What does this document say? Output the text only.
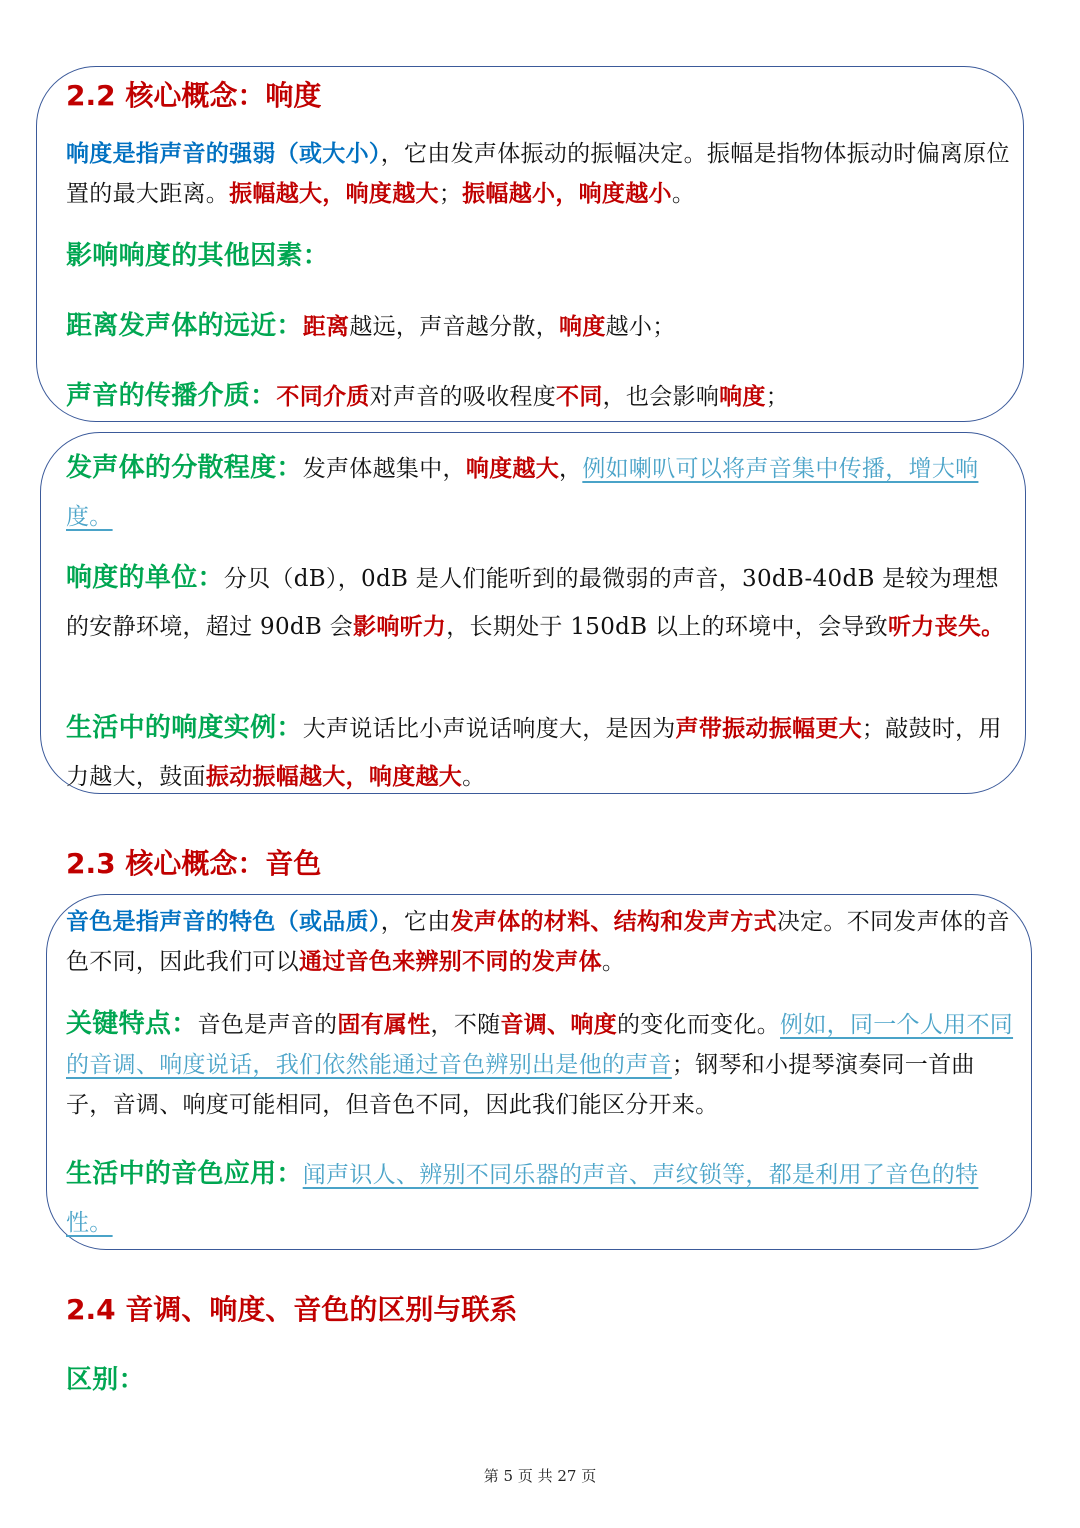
2.2 核心概念：响度

响度是指声音的强弱（或大小），它由发声体振动的振幅决定。振幅是指物体振动时偏离原位置的最大距离。振幅越大，响度越大；振幅越小，响度越小。

影响响度的其他因素：

距离发声体的远近：距离越远，声音越分散，响度越小；

声音的传播介质：不同介质对声音的吸收程度不同，也会影响响度；

发声体的分散程度：发声体越集中，响度越大，例如喇叭可以将声音集中传播，增大响度。

响度的单位：分贝（dB），0dB 是人们能听到的最微弱的声音，30dB-40dB 是较为理想的安静环境，超过 90dB 会影响听力，长期处于 150dB 以上的环境中，会导致听力丧失。

生活中的响度实例：大声说话比小声说话响度大，是因为声带振动振幅更大；敲鼓时，用力越大，鼓面振动振幅越大，响度越大。

2.3 核心概念：音色

音色是指声音的特色（或品质），它由发声体的材料、结构和发声方式决定。不同发声体的音色不同，因此我们可以通过音色来辨别不同的发声体。

关键特点：音色是声音的固有属性，不随音调、响度的变化而变化。例如，同一个人用不同的音调、响度说话，我们依然能通过音色辨别出是他的声音；钢琴和小提琴演奏同一首曲子，音调、响度可能相同，但音色不同，因此我们能区分开来。

生活中的音色应用：闻声识人、辨别不同乐器的声音、声纹锁等，都是利用了音色的特性。

2.4 音调、响度、音色的区别与联系

区别：

第 5 页 共 27 页
